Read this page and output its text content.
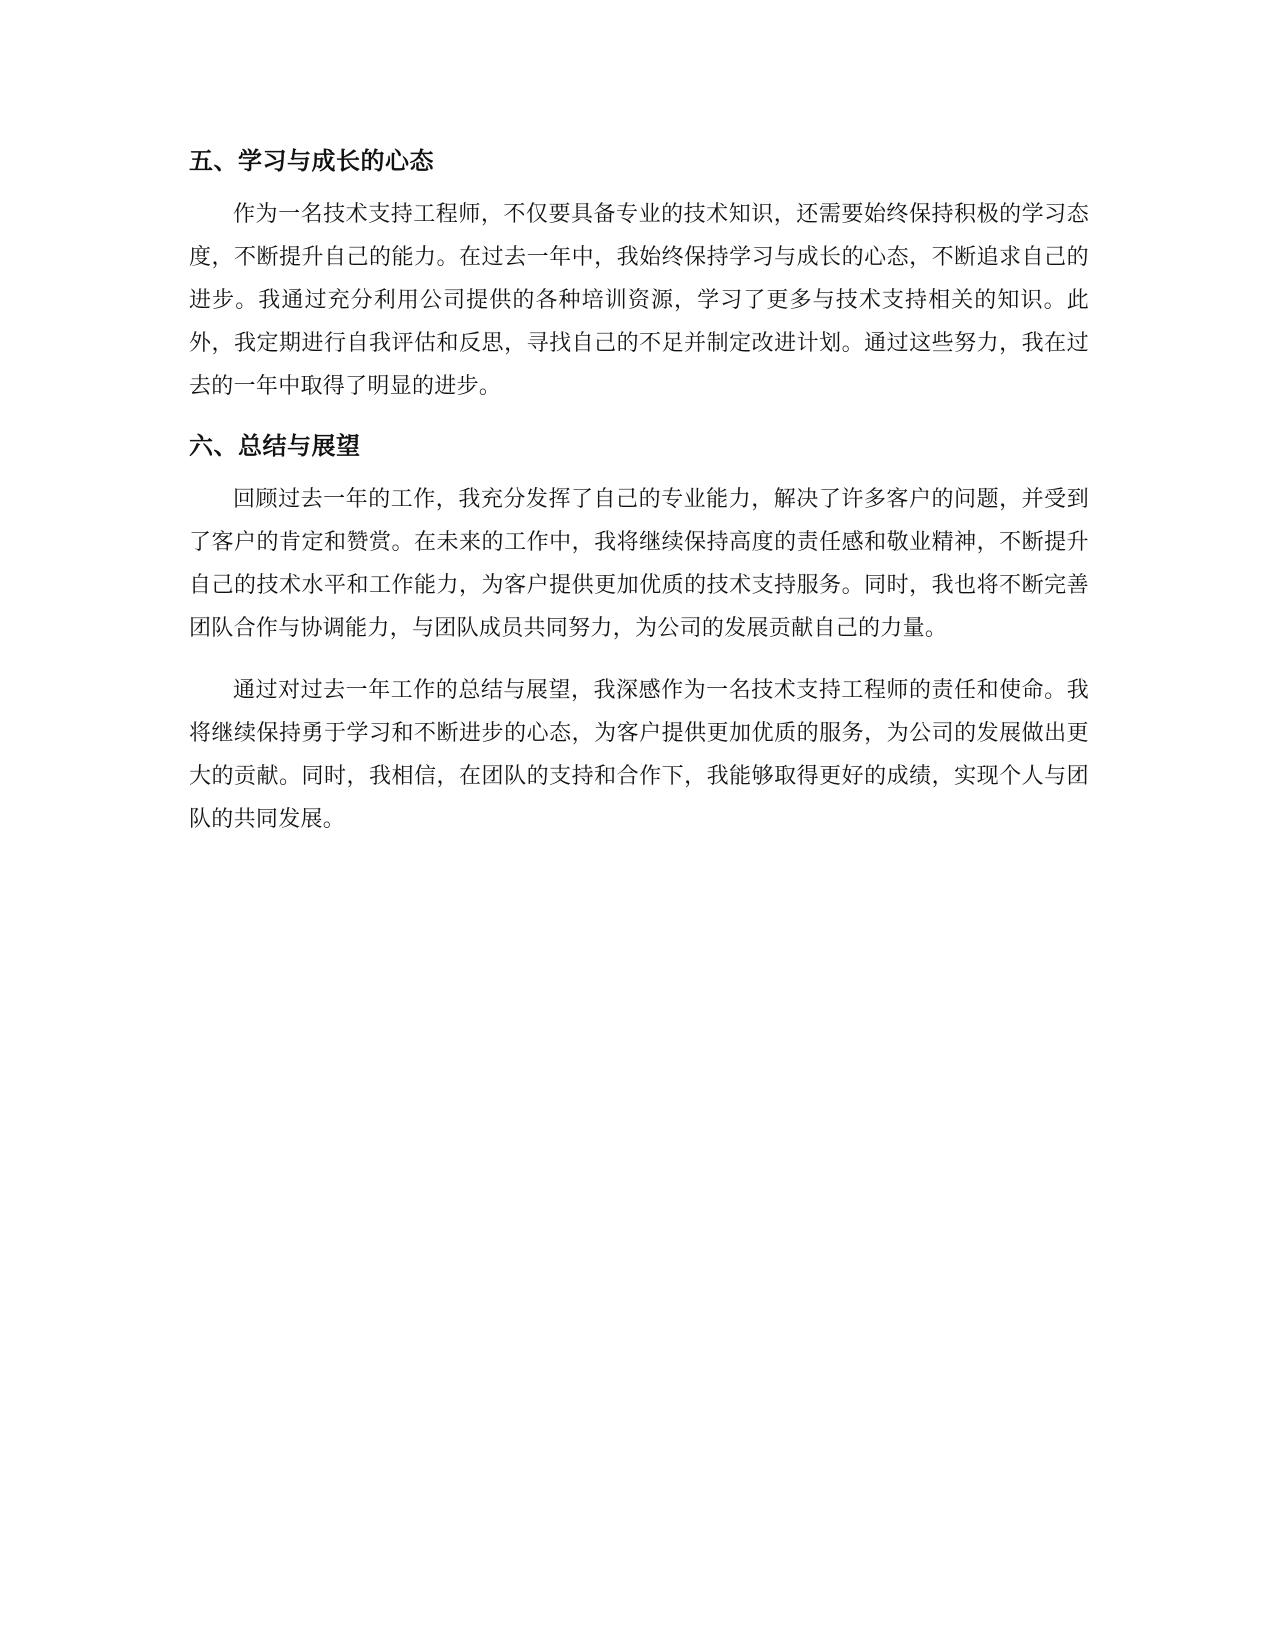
五、学习与成长的心态

作为一名技术支持工程师，不仅要具备专业的技术知识，还需要始终保持积极的学习态度，不断提升自己的能力。在过去一年中，我始终保持学习与成长的心态，不断追求自己的进步。我通过充分利用公司提供的各种培训资源，学习了更多与技术支持相关的知识。此外，我定期进行自我评估和反思，寻找自己的不足并制定改进计划。通过这些努力，我在过去的一年中取得了明显的进步。

六、总结与展望

回顾过去一年的工作，我充分发挥了自己的专业能力，解决了许多客户的问题，并受到了客户的肯定和赞赏。在未来的工作中，我将继续保持高度的责任感和敬业精神，不断提升自己的技术水平和工作能力，为客户提供更加优质的技术支持服务。同时，我也将不断完善团队合作与协调能力，与团队成员共同努力，为公司的发展贡献自己的力量。

通过对过去一年工作的总结与展望，我深感作为一名技术支持工程师的责任和使命。我将继续保持勇于学习和不断进步的心态，为客户提供更加优质的服务，为公司的发展做出更大的贡献。同时，我相信，在团队的支持和合作下，我能够取得更好的成绩，实现个人与团队的共同发展。
